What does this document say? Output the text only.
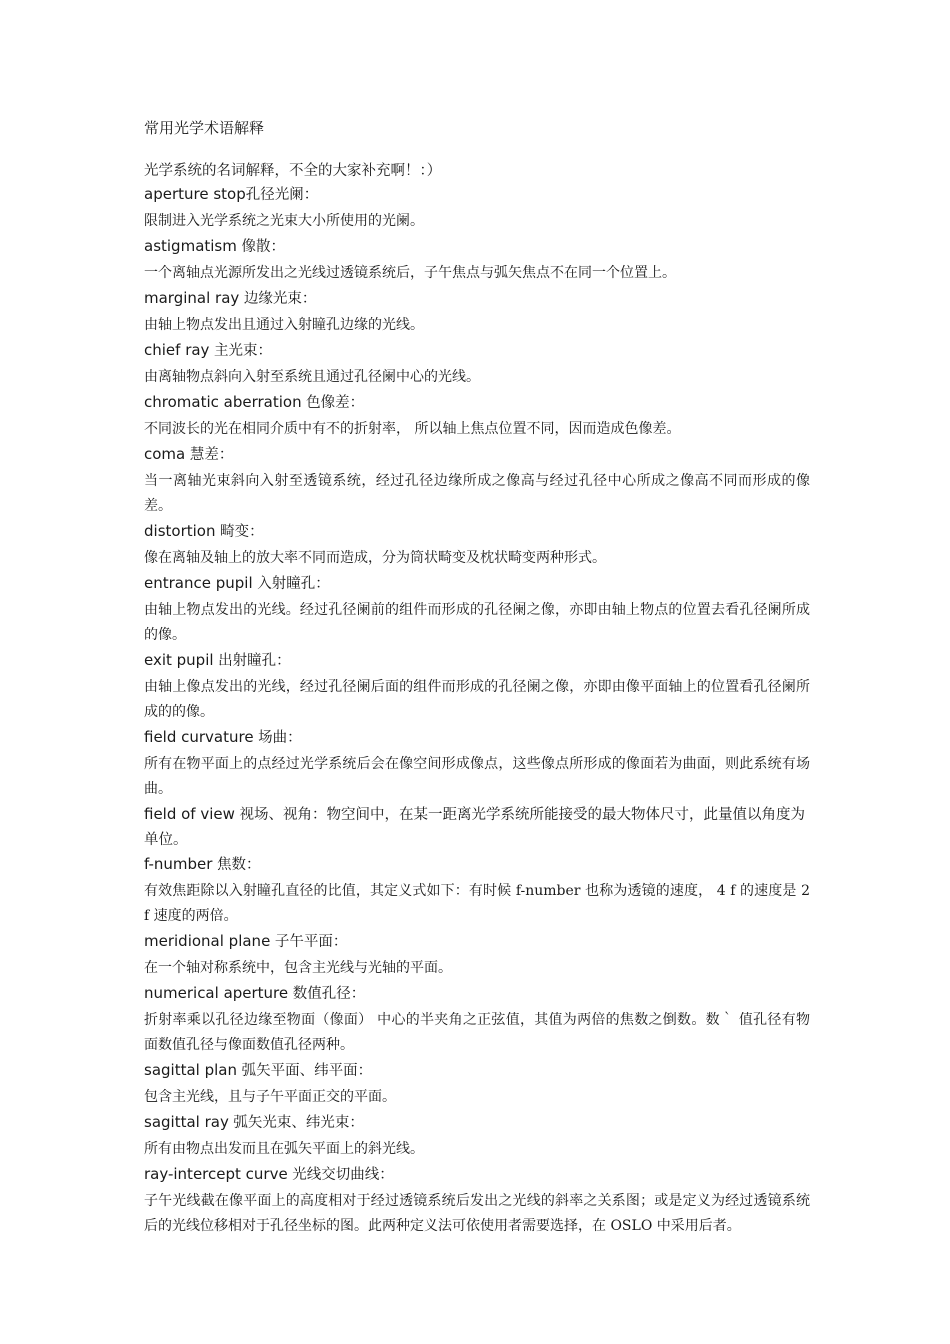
常用光学术语解释
光学系统的名词解释，不全的大家补充啊！：）
aperture stop孔径光阑：
限制进入光学系统之光束大小所使用的光阑。
astigmatism 像散：
一个离轴点光源所发出之光线过透镜系统后，子午焦点与弧矢焦点不在同一个位置上。
marginal ray 边缘光束：
由轴上物点发出且通过入射瞳孔边缘的光线。
chief ray 主光束：
由离轴物点斜向入射至系统且通过孔径阑中心的光线。
chromatic aberration 色像差：
不同波长的光在相同介质中有不的折射率， 所以轴上焦点位置不同，因而造成色像差。
coma 慧差：
当一离轴光束斜向入射至透镜系统，经过孔径边缘所成之像高与经过孔径中心所成之像高不同而形成的像差。
distortion 畸变：
像在离轴及轴上的放大率不同而造成，分为筒状畸变及枕状畸变两种形式。
entrance pupil 入射瞳孔：
由轴上物点发出的光线。经过孔径阑前的组件而形成的孔径阑之像，亦即由轴上物点的位置去看孔径阑所成的像。
exit pupil 出射瞳孔：
由轴上像点发出的光线，经过孔径阑后面的组件而形成的孔径阑之像，亦即由像平面轴上的位置看孔径阑所成的的像。
field curvature 场曲：
所有在物平面上的点经过光学系统后会在像空间形成像点，这些像点所形成的像面若为曲面，则此系统有场曲。
field of view 视场、视角：物空间中，在某一距离光学系统所能接受的最大物体尺寸，此量值以角度为单位。
f-number 焦数：
有效焦距除以入射瞳孔直径的比值，其定义式如下：有时候 f-number 也称为透镜的速度， 4 f 的速度是 2 f 速度的两倍。
meridional plane 子午平面：
在一个轴对称系统中，包含主光线与光轴的平面。
numerical aperture 数值孔径：
折射率乘以孔径边缘至物面（像面） 中心的半夹角之正弦值，其值为两倍的焦数之倒数。数｀ 值孔径有物面数值孔径与像面数值孔径两种。
sagittal plan 弧矢平面、纬平面：
包含主光线，且与子午平面正交的平面。
sagittal ray 弧矢光束、纬光束：
所有由物点出发而且在弧矢平面上的斜光线。
ray-intercept curve 光线交切曲线：
子午光线截在像平面上的高度相对于经过透镜系统后发出之光线的斜率之关系图；或是定义为经过透镜系统后的光线位移相对于孔径坐标的图。此两种定义法可依使用者需要选择，在 OSLO 中采用后者。
